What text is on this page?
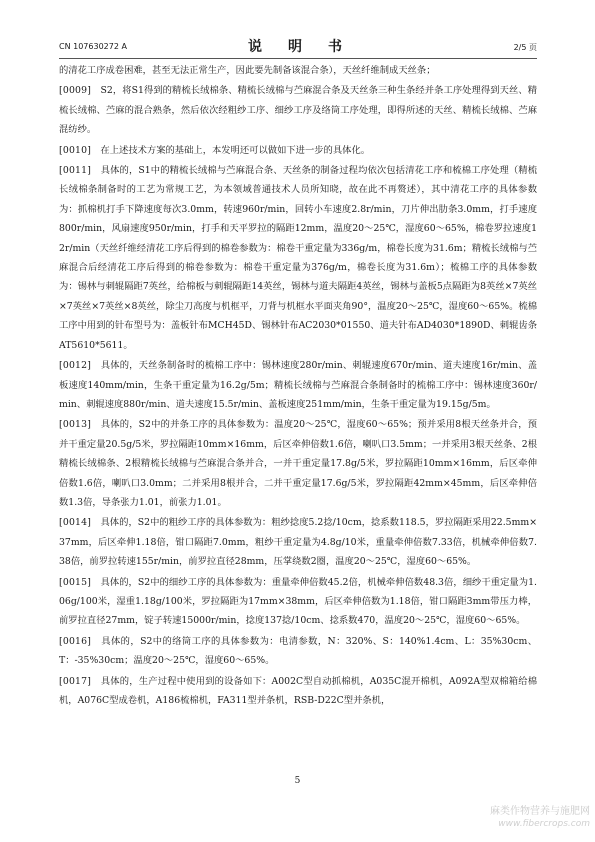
CN 107630272 A	说　明　书	2/5 页

的清花工序成卷困难，甚至无法正常生产，因此要先制备该混合条），天丝纤维制成天丝条；

[0009]　S2，将S1得到的精梳长绒棉条、精梳长绒棉与苎麻混合条及天丝条三种生条经并条工序处理得到天丝、精梳长绒棉、苎麻的混合熟条，然后依次经粗纱工序、细纱工序及络筒工序处理，即得所述的天丝、精梳长绒棉、苎麻混纺纱。

[0010]　在上述技术方案的基础上，本发明还可以做如下进一步的具体化。

[0011]　具体的，S1中的精梳长绒棉与苎麻混合条、天丝条的制备过程均依次包括清花工序和梳棉工序处理（精梳长绒棉条制备时的工艺为常规工艺，为本领域普通技术人员所知晓，故在此不再赘述），其中清花工序的具体参数为：抓棉机打手下降速度每次3.0mm，转速960r/min，回转小车速度2.8r/min，刀片伸出肋条3.0mm，打手速度800r/min，风扇速度950r/min，打手和天平罗拉的隔距12mm，温度20～25℃，湿度60～65%，棉卷罗拉速度12r/min（天丝纤维经清花工序后得到的棉卷参数为：棉卷干重定量为336g/m，棉卷长度为31.6m；精梳长绒棉与苎麻混合后经清花工序后得到的棉卷参数为：棉卷干重定量为376g/m，棉卷长度为31.6m）；梳棉工序的具体参数为：锡林与刺辊隔距7英丝，给棉板与刺辊隔距14英丝，锡林与道夫隔距4英丝，锡林与盖板5点隔距为8英丝×7英丝×7英丝×7英丝×8英丝，除尘刀高度与机框平，刀背与机框水平面夹角90°，温度20～25℃，湿度60～65%。梳棉工序中用到的针布型号为：盖板针布MCH45D、锡林针布AC2030*01550、道夫针布AD4030*1890D、刺辊齿条AT5610*5611。

[0012]　具体的，天丝条制备时的梳棉工序中：锡林速度280r/min、刺辊速度670r/min、道夫速度16r/min、盖板速度140mm/min，生条干重定量为16.2g/5m；精梳长绒棉与苎麻混合条制备时的梳棉工序中：锡林速度360r/min、刺辊速度880r/min、道夫速度15.5r/min、盖板速度251mm/min，生条干重定量为19.15g/5m。

[0013]　具体的，S2中的并条工序的具体参数为：温度20～25℃，湿度60～65%；预并采用8根天丝条并合，预并干重定量20.5g/5米，罗拉隔距10mm×16mm，后区牵伸倍数1.6倍，喇叭口3.5mm；一并采用3根天丝条、2根精梳长绒棉条、2根精梳长绒棉与苎麻混合条并合，一并干重定量17.8g/5米，罗拉隔距10mm×16mm，后区牵伸倍数1.6倍，喇叭口3.0mm；二并采用8根并合，二并干重定量17.6g/5米，罗拉隔距42mm×45mm，后区牵伸倍数1.3倍，导条张力1.01，前张力1.01。

[0014]　具体的，S2中的粗纱工序的具体参数为：粗纱捻度5.2捻/10cm，捻系数118.5，罗拉隔距采用22.5mm×37mm，后区牵伸1.18倍，钳口隔距7.0mm，粗纱干重定量为4.8g/10米，重量牵伸倍数7.33倍，机械牵伸倍数7.38倍，前罗拉转速155r/min，前罗拉直径28mm，压掌绕数2圈，温度20～25℃，湿度60～65%。

[0015]　具体的，S2中的细纱工序的具体参数为：重量牵伸倍数45.2倍，机械牵伸倍数48.3倍，细纱干重定量为1.06g/100米，湿重1.18g/100米，罗拉隔距为17mm×38mm，后区牵伸倍数为1.18倍，钳口隔距3mm带压力棒，前罗拉直径27mm，锭子转速15000r/min，捻度137捻/10cm、捻系数470，温度20～25℃，湿度60～65%。

[0016]　具体的，S2中的络筒工序的具体参数为：电清参数，N：320%、S：140%1.4cm、L：35%30cm、T：-35%30cm；温度20～25℃，湿度60～65%。

[0017]　具体的，生产过程中使用到的设备如下：A002C型自动抓棉机，A035C混开棉机，A092A型双棉箱给棉机，A076C型成卷机，A186梳棉机，FA311型并条机，RSB-D22C型并条机，

5
麻类作物营养与施肥网
www.fibercrops.com
